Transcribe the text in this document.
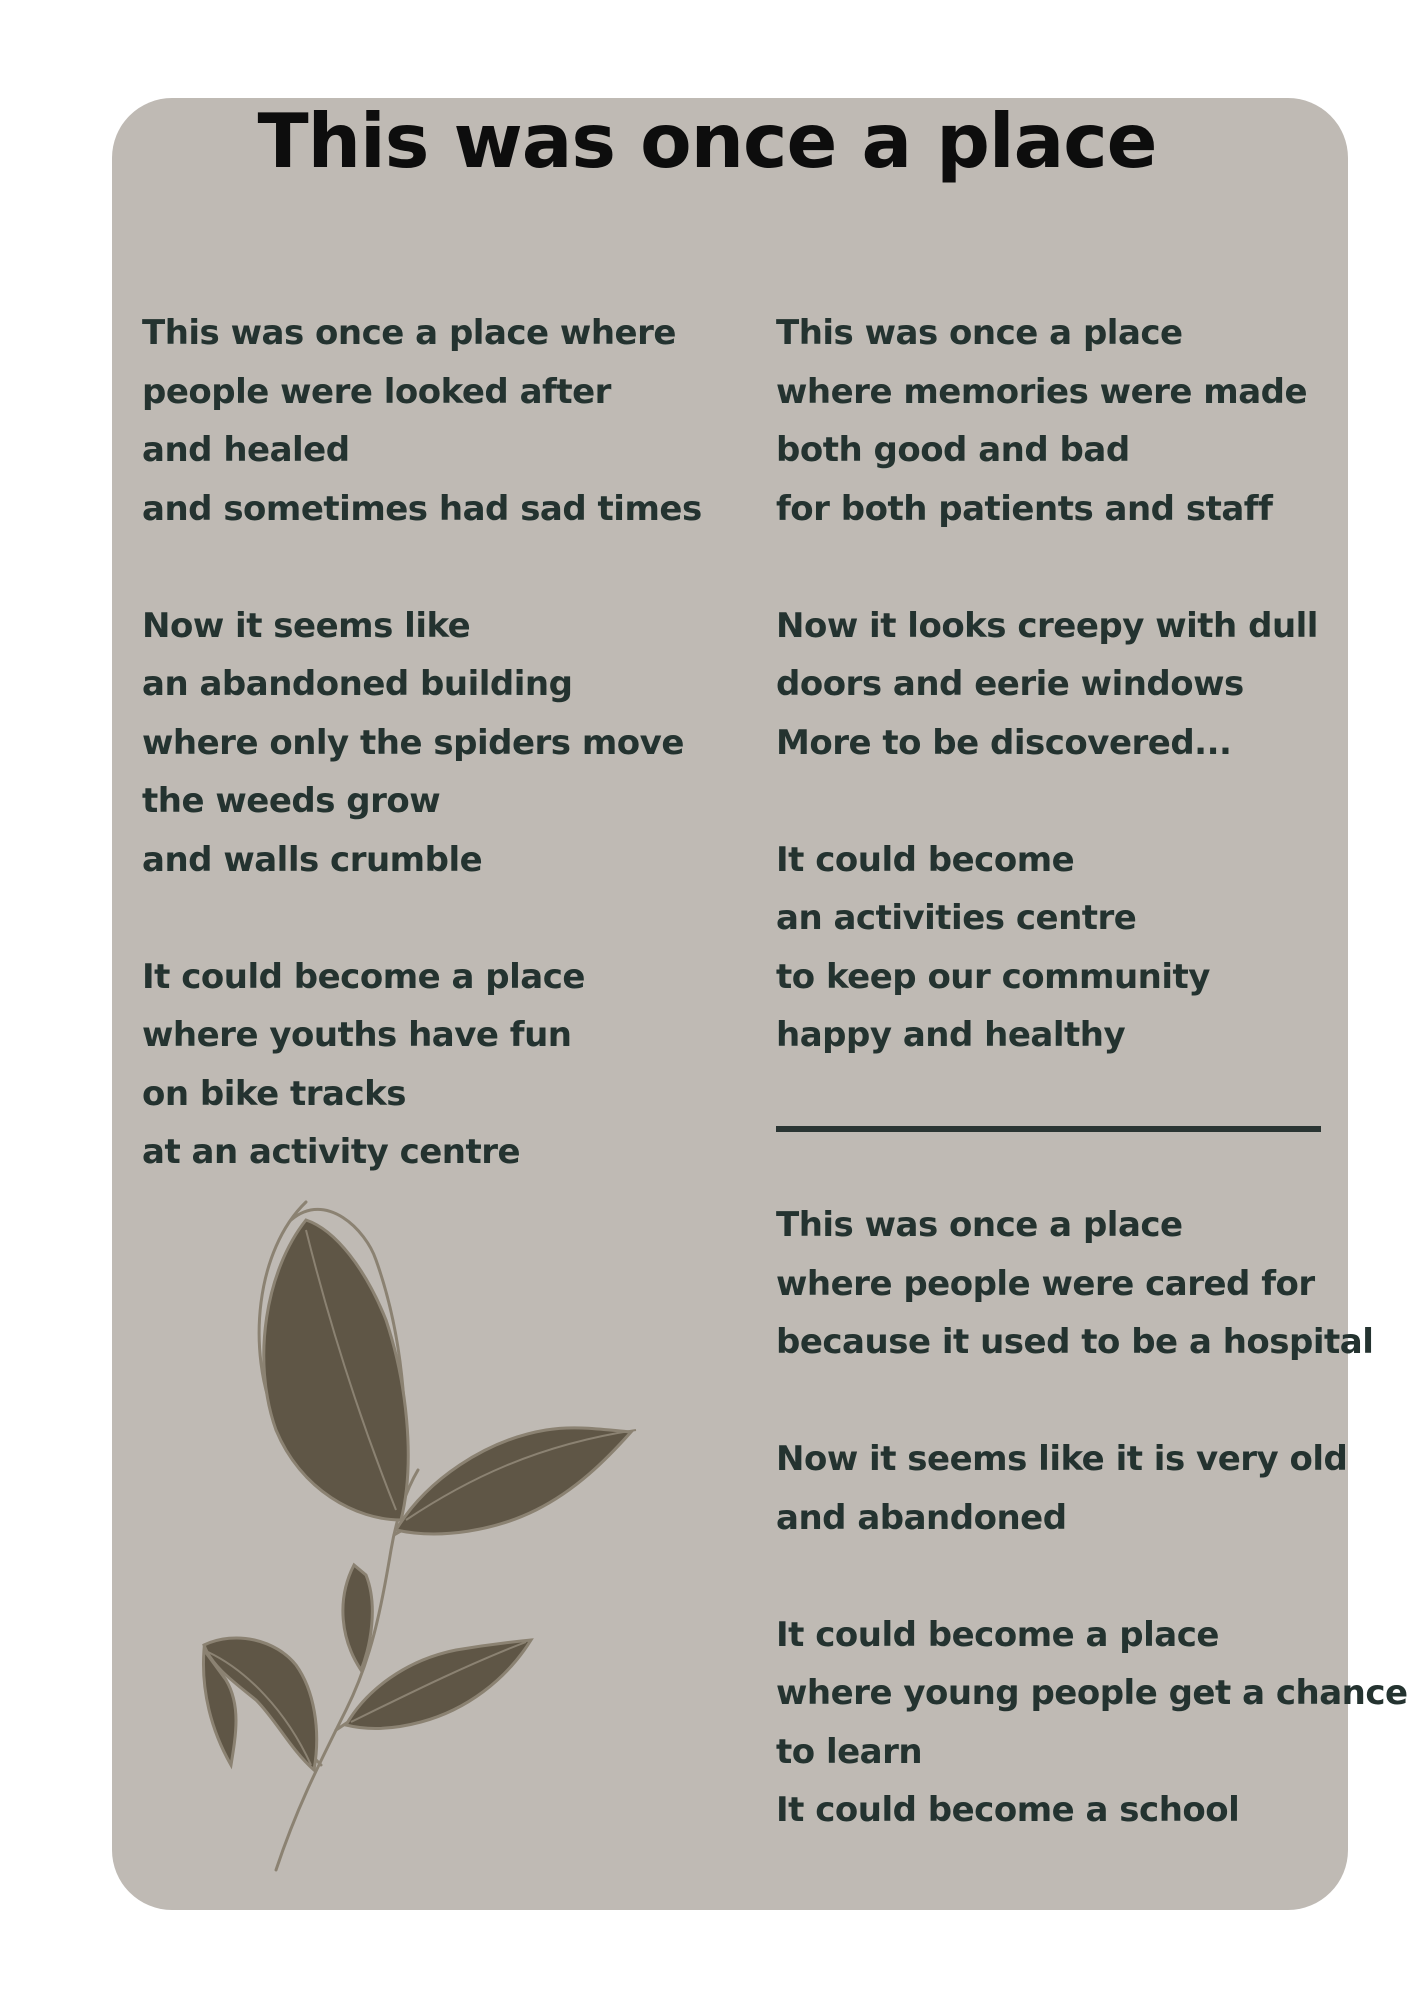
This was once a place
This was once a place where
people were looked after
and healed
and sometimes had sad times
Now it seems like
an abandoned building
where only the spiders move
the weeds grow
and walls crumble
It could become a place
where youths have fun
on bike tracks
at an activity centre
This was once a place
where memories were made
both good and bad
for both patients and staff
Now it looks creepy with dull
doors and eerie windows
More to be discovered...
It could become
an activities centre
to keep our community
happy and healthy
This was once a place
where people were cared for
because it used to be a hospital
Now it seems like it is very old
and abandoned
It could become a place
where young people get a chance
to learn
It could become a school
